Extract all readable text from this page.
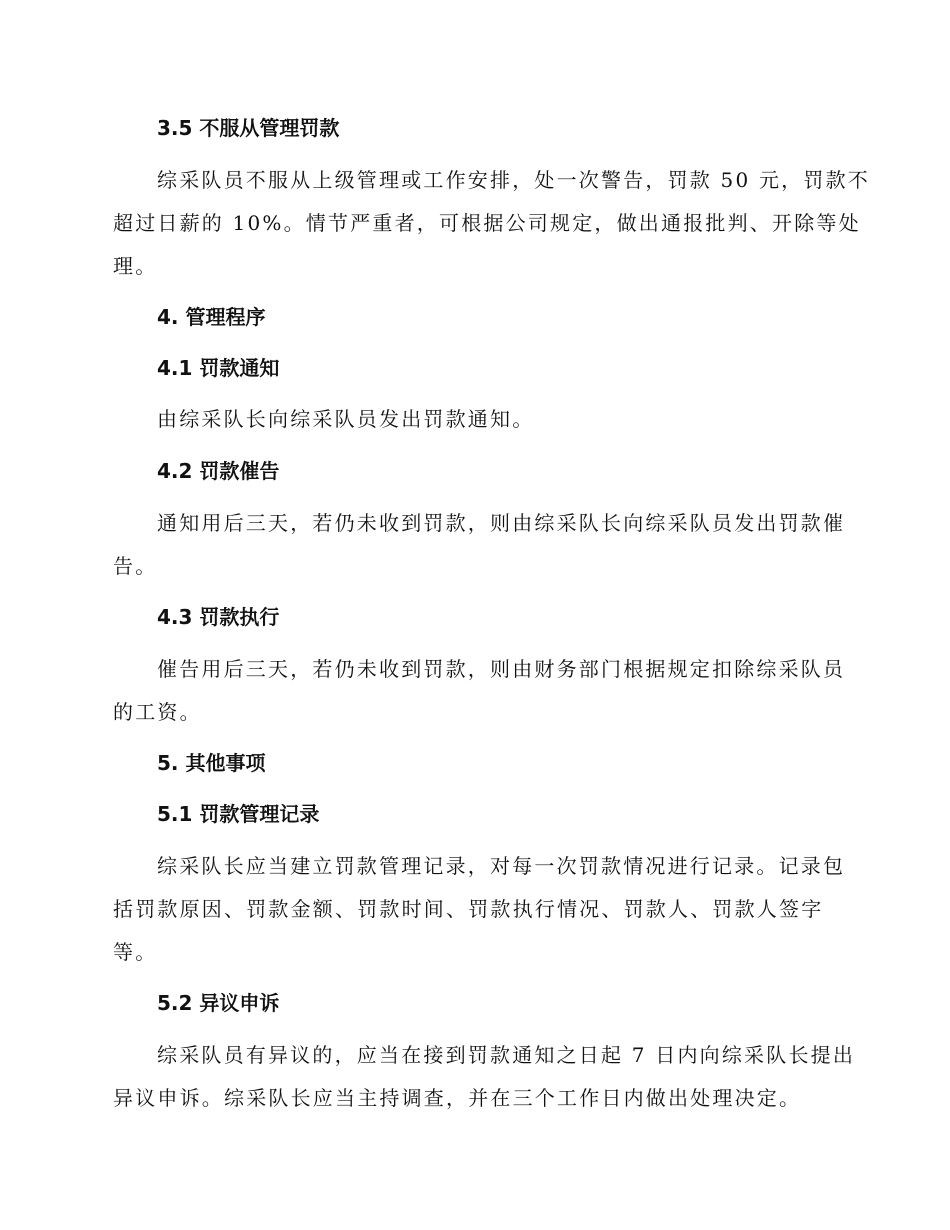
3.5 不服从管理罚款
综采队员不服从上级管理或工作安排，处一次警告，罚款 50 元，罚款不
超过日薪的 10%。情节严重者，可根据公司规定，做出通报批判、开除等处
理。
4. 管理程序
4.1 罚款通知
由综采队长向综采队员发出罚款通知。
4.2 罚款催告
通知用后三天，若仍未收到罚款，则由综采队长向综采队员发出罚款催
告。
4.3 罚款执行
催告用后三天，若仍未收到罚款，则由财务部门根据规定扣除综采队员
的工资。
5. 其他事项
5.1 罚款管理记录
综采队长应当建立罚款管理记录，对每一次罚款情况进行记录。记录包
括罚款原因、罚款金额、罚款时间、罚款执行情况、罚款人、罚款人签字
等。
5.2 异议申诉
综采队员有异议的，应当在接到罚款通知之日起 7 日内向综采队长提出
异议申诉。综采队长应当主持调查，并在三个工作日内做出处理决定。
